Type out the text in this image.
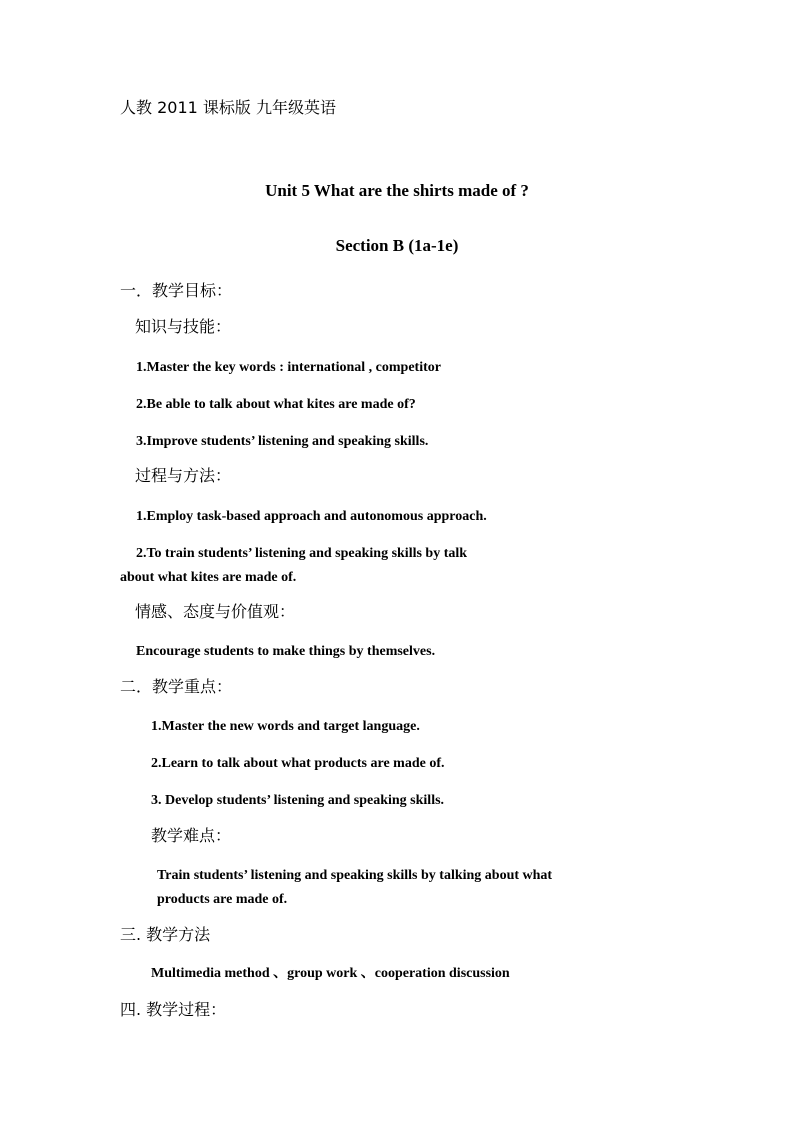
人教 2011 课标版 九年级英语
Unit 5 What are the shirts made of ?
Section B (1a-1e)
一．教学目标：
知识与技能：
1.Master the key words : international , competitor
2.Be able to talk about what kites are made of?
3.Improve students’ listening and speaking skills.
过程与方法：
1.Employ task-based approach and autonomous approach.
2.To train students’ listening and speaking skills by talk
about what kites are made of.
情感、态度与价值观：
Encourage students to make things by themselves.
二．教学重点：
1.Master the new words and target language.
2.Learn to talk about what products are made of.
3. Develop students’ listening and speaking skills.
教学难点：
Train students’ listening and speaking skills by talking about what
products are made of.
三. 教学方法
Multimedia method 、group work 、cooperation discussion
四. 教学过程：
